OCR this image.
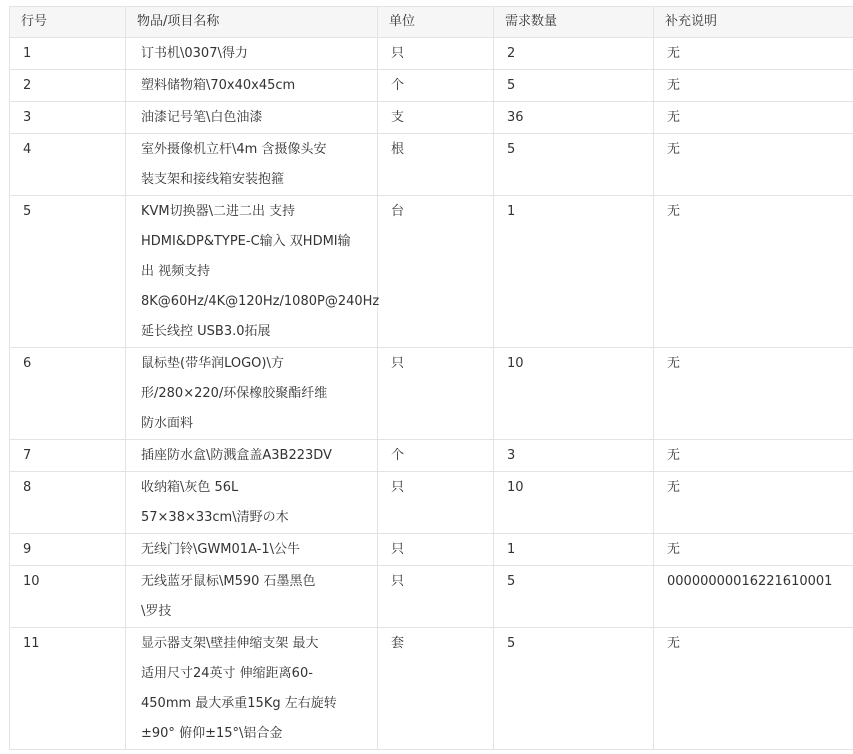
行号	物品/项目名称	单位	需求数量	补充说明

1	订书机\0307\得力	只	2	无

2	塑料储物箱\70x40x45cm	个	5	无

3	油漆记号笔\白色油漆	支	36	无

4	室外摄像机立杆\4m 含摄像头安
装支架和接线箱安装抱箍	根	5	无

5	KVM切换器\二进二出 支持
HDMI&DP&TYPE-C输入 双HDMI输
出 视频支持
8K@60Hz/4K@120Hz/1080P@240Hz
延长线控 USB3.0拓展	台	1	无

6	鼠标垫(带华润LOGO)\方
形/280×220/环保橡胶聚酯纤维
防水面料	只	10	无

7	插座防水盒\防溅盒盖A3B223DV	个	3	无

8	收纳箱\灰色 56L
57×38×33cm\清野の木	只	10	无

9	无线门铃\GWM01A-1\公牛	只	1	无

10	无线蓝牙鼠标\M590 石墨黑色
\罗技	只	5	00000000016221610001

11	显示器支架\壁挂伸缩支架 最大
适用尺寸24英寸 伸缩距离60-
450mm 最大承重15Kg 左右旋转
±90° 俯仰±15°\铝合金	套	5	无
